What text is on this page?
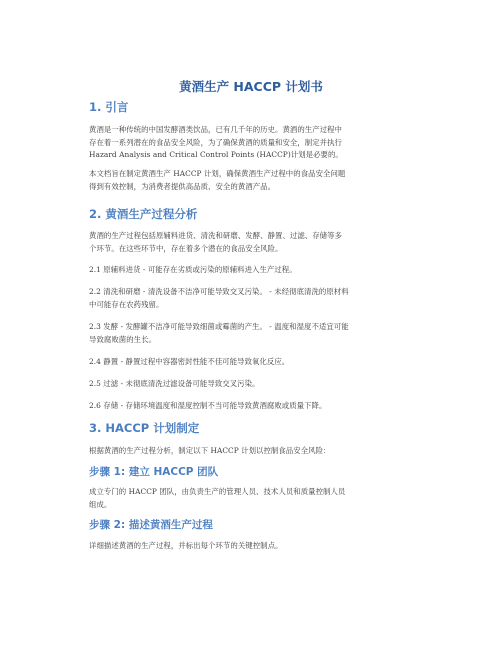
黄酒生产 HACCP 计划书
1. 引言

黄酒是一种传统的中国发酵酒类饮品，已有几千年的历史。黄酒的生产过程中
存在着一系列潜在的食品安全风险，为了确保黄酒的质量和安全，制定并执行
Hazard Analysis and Critical Control Points (HACCP)计划是必要的。

本文档旨在制定黄酒生产 HACCP 计划，确保黄酒生产过程中的食品安全问题
得到有效控制，为消费者提供高品质、安全的黄酒产品。

2. 黄酒生产过程分析

黄酒的生产过程包括原辅料进货、清洗和研磨、发酵、静置、过滤、存储等多
个环节。在这些环节中，存在着多个潜在的食品安全风险。

2.1 原辅料进货 - 可能存在劣质或污染的原辅料进入生产过程。

2.2 清洗和研磨 - 清洗设备不洁净可能导致交叉污染。 - 未经彻底清洗的原材料
中可能存在农药残留。

2.3 发酵 - 发酵罐不洁净可能导致细菌或霉菌的产生。 - 温度和湿度不适宜可能
导致腐败菌的生长。

2.4 静置 - 静置过程中容器密封性能不佳可能导致氧化反应。

2.5 过滤 - 未彻底清洗过滤设备可能导致交叉污染。

2.6 存储 - 存储环境温度和湿度控制不当可能导致黄酒腐败或质量下降。

3. HACCP 计划制定

根据黄酒的生产过程分析，制定以下 HACCP 计划以控制食品安全风险：

步骤 1: 建立 HACCP 团队

成立专门的 HACCP 团队，由负责生产的管理人员、技术人员和质量控制人员
组成。

步骤 2: 描述黄酒生产过程

详细描述黄酒的生产过程，并标出每个环节的关键控制点。
